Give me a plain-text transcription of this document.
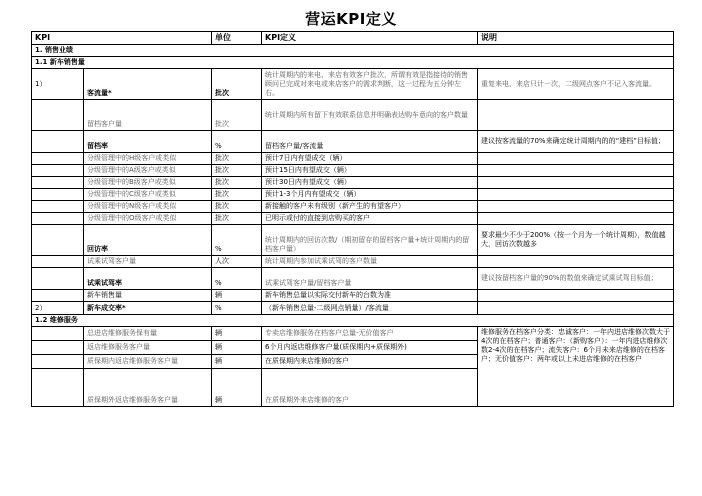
营运KPI定义
KPI		单位	KPI定义	说明
1. 销售业绩				
1.1 新车销售量				
1）	客流量*	批次	统计周期内的来电、来店有效客户批次，所谓有效是指接待的销售顾问已完成对来电或来店客户的需求判断，这一过程为五分钟左右。	重复来电、来店只计一次，二级网点客户不记入客流量。
	留档客户量	批次	统计周期内所有留下有效联系信息并明确表达购车意向的客户数量	
	留档率	%	留档客户量/客流量	建议按客流量的70%来确定统计周期内的的“建档”目标值；
	分级管理中的H级客户或类似	批次	预计7日内有望成交（辆）	
	分级管理中的A级客户或类似	批次	预计15日内有望成交（辆）	
	分级管理中的B级客户或类似	批次	预计30日内有望成交（辆）	
	分级管理中的C级客户或类似	批次	预计1-3个月内有望成交（辆）	
	分级管理中的N级客户或类似	批次	新接触的客户未有级别（新产生的有望客户）	
	分级管理中的O级客户或类似	批次	已明示或付的直接到店购买的客户	
	回访率	%	统计周期内的回访次数/（期初留存的留档客户量+统计周期内的留档客户量）	要求最少不少于200%（按一个月为一个统计周期），数值越大，回访次数越多
	试乘试驾客户量	人次	统计周期内参加试乘试驾的客户数量	
	试乘试驾率	%	试乘试驾客户量/留档客户量	建议按留档客户量的90%的数值来确定试乘试驾目标值；
	新车销售量	辆	新车销售总量以实际交付新车的台数为准	
2）	新车成交率*	%	（新车销售总量-二级网点销量）/客流量	
1.2 维修服务				
	总进店维修服务保有量	辆	专卖店维修服务在档客户总量-无价值客户	维修服务在档客户分类：忠诚客户：一年内进店维修次数大于4次的在档客户；普通客户：（新购客户）：一年内进店维修次数2-4次的在档客户；流失客户：6个月未来店维修的在档客户；无价值客户：两年或以上未进店维修的在档客户
	返店维修服务客户量	辆	6个月内返店维修客户量(质保期内+质保期外)	
	质保期内返店维修服务客户量	辆	在质保期内来店维修的客户	
	质保期外返店维修服务客户量	辆	在质保期外来店维修的客户	
